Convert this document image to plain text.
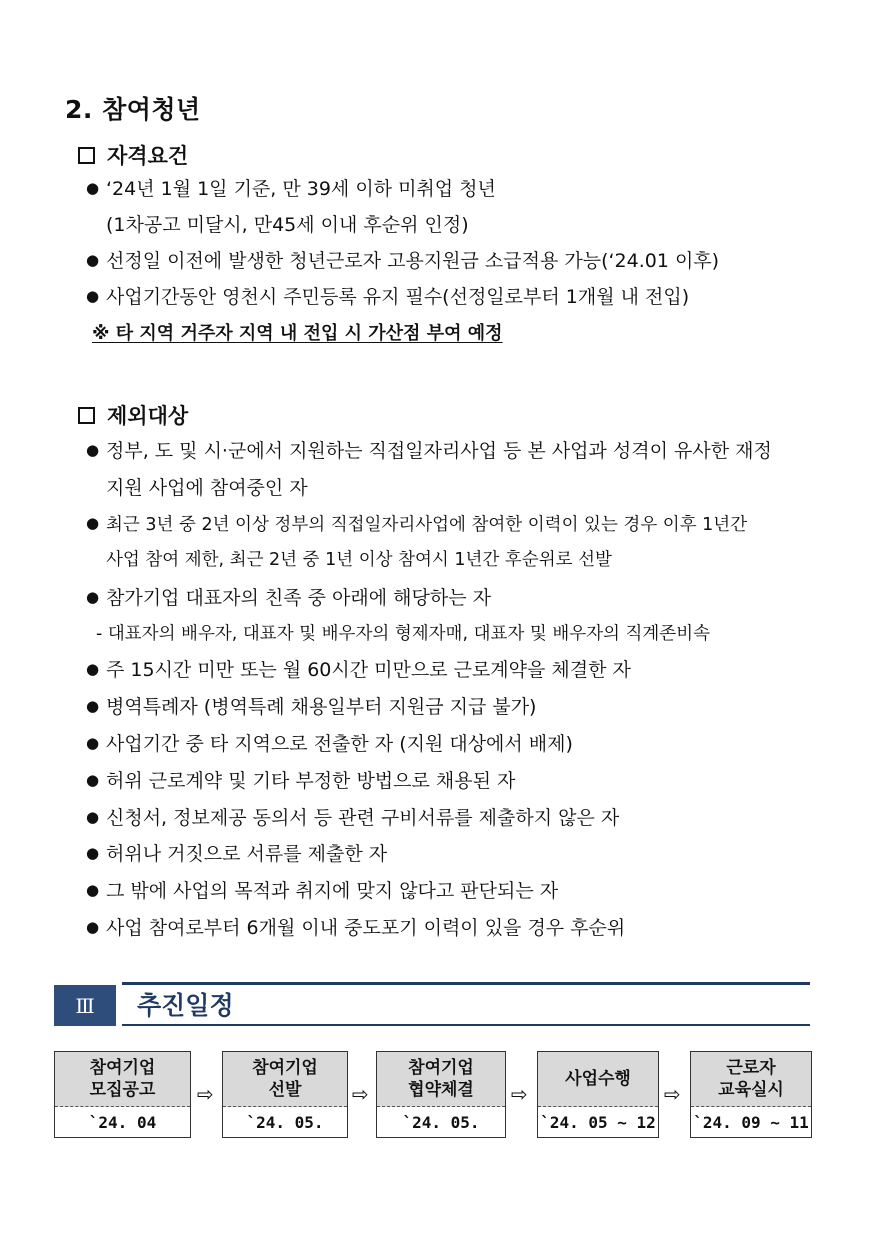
2. 참여청년
자격요건
● ‘24년 1월 1일 기준, 만 39세 이하 미취업 청년
(1차공고 미달시, 만45세 이내 후순위 인정)
● 선정일 이전에 발생한 청년근로자 고용지원금 소급적용 가능(‘24.01 이후)
● 사업기간동안 영천시 주민등록 유지 필수(선정일로부터 1개월 내 전입)
※ 타 지역 거주자 지역 내 전입 시 가산점 부여 예정
제외대상
● 정부, 도 및 시·군에서 지원하는 직접일자리사업 등 본 사업과 성격이 유사한 재정
지원 사업에 참여중인 자
● 최근 3년 중 2년 이상 정부의 직접일자리사업에 참여한 이력이 있는 경우 이후 1년간
사업 참여 제한, 최근 2년 중 1년 이상 참여시 1년간 후순위로 선발
● 참가기업 대표자의 친족 중 아래에 해당하는 자
- 대표자의 배우자, 대표자 및 배우자의 형제자매, 대표자 및 배우자의 직계존비속
● 주 15시간 미만 또는 월 60시간 미만으로 근로계약을 체결한 자
● 병역특례자 (병역특례 채용일부터 지원금 지급 불가)
● 사업기간 중 타 지역으로 전출한 자 (지원 대상에서 배제)
● 허위 근로계약 및 기타 부정한 방법으로 채용된 자
● 신청서, 정보제공 동의서 등 관련 구비서류를 제출하지 않은 자
● 허위나 거짓으로 서류를 제출한 자
● 그 밖에 사업의 목적과 취지에 맞지 않다고 판단되는 자
● 사업 참여로부터 6개월 이내 중도포기 이력이 있을 경우 후순위
Ⅲ	추진일정
참여기업
모집공고
`24. 04
⇨
참여기업
선발
`24. 05.
⇨
참여기업
협약체결
`24. 05.
⇨
사업수행
`24. 05 ~ 12
⇨
근로자
교육실시
`24. 09 ~ 11
